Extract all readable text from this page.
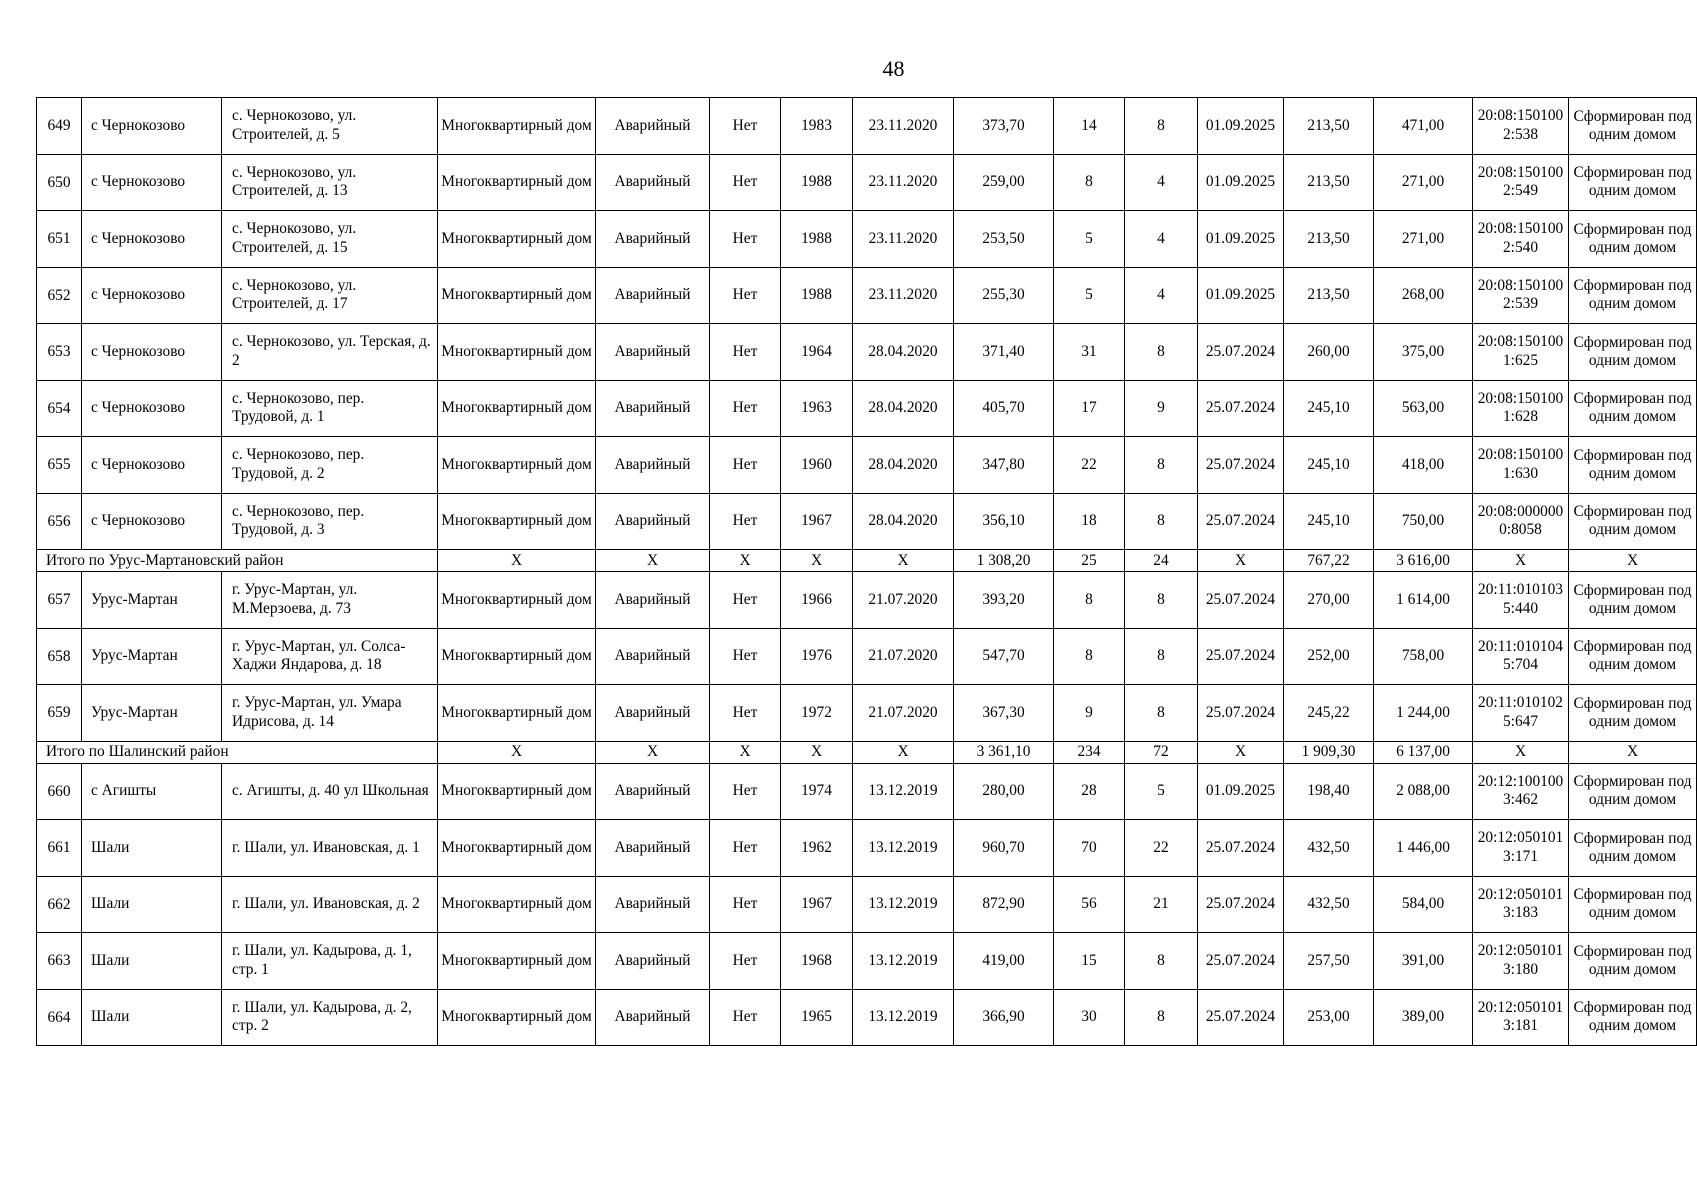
48
649	с Чернокозово	с. Чернокозово, ул. Строителей, д. 5	Многоквартирный дом	Аварийный	Нет	1983	23.11.2020	373,70	14	8	01.09.2025	213,50	471,00	20:08:1501002:538	Сформирован под одним домом
650	с Чернокозово	с. Чернокозово, ул. Строителей, д. 13	Многоквартирный дом	Аварийный	Нет	1988	23.11.2020	259,00	8	4	01.09.2025	213,50	271,00	20:08:1501002:549	Сформирован под одним домом
651	с Чернокозово	с. Чернокозово, ул. Строителей, д. 15	Многоквартирный дом	Аварийный	Нет	1988	23.11.2020	253,50	5	4	01.09.2025	213,50	271,00	20:08:1501002:540	Сформирован под одним домом
652	с Чернокозово	с. Чернокозово, ул. Строителей, д. 17	Многоквартирный дом	Аварийный	Нет	1988	23.11.2020	255,30	5	4	01.09.2025	213,50	268,00	20:08:1501002:539	Сформирован под одним домом
653	с Чернокозово	с. Чернокозово, ул. Терская, д. 2	Многоквартирный дом	Аварийный	Нет	1964	28.04.2020	371,40	31	8	25.07.2024	260,00	375,00	20:08:1501001:625	Сформирован под одним домом
654	с Чернокозово	с. Чернокозово, пер. Трудовой, д. 1	Многоквартирный дом	Аварийный	Нет	1963	28.04.2020	405,70	17	9	25.07.2024	245,10	563,00	20:08:1501001:628	Сформирован под одним домом
655	с Чернокозово	с. Чернокозово, пер. Трудовой, д. 2	Многоквартирный дом	Аварийный	Нет	1960	28.04.2020	347,80	22	8	25.07.2024	245,10	418,00	20:08:1501001:630	Сформирован под одним домом
656	с Чернокозово	с. Чернокозово, пер. Трудовой, д. 3	Многоквартирный дом	Аварийный	Нет	1967	28.04.2020	356,10	18	8	25.07.2024	245,10	750,00	20:08:0000000:8058	Сформирован под одним домом
Итого по Урус-Мартановский район			X	X	X	X	X	1 308,20	25	24	X	767,22	3 616,00	X	X
657	Урус-Мартан	г. Урус-Мартан, ул. М.Мерзоева, д. 73	Многоквартирный дом	Аварийный	Нет	1966	21.07.2020	393,20	8	8	25.07.2024	270,00	1 614,00	20:11:0101035:440	Сформирован под одним домом
658	Урус-Мартан	г. Урус-Мартан, ул. Солса-Хаджи Яндарова, д. 18	Многоквартирный дом	Аварийный	Нет	1976	21.07.2020	547,70	8	8	25.07.2024	252,00	758,00	20:11:0101045:704	Сформирован под одним домом
659	Урус-Мартан	г. Урус-Мартан, ул. Умара Идрисова, д. 14	Многоквартирный дом	Аварийный	Нет	1972	21.07.2020	367,30	9	8	25.07.2024	245,22	1 244,00	20:11:0101025:647	Сформирован под одним домом
Итого по Шалинский район			X	X	X	X	X	3 361,10	234	72	X	1 909,30	6 137,00	X	X
660	с Агишты	с. Агишты, д. 40 ул Школьная	Многоквартирный дом	Аварийный	Нет	1974	13.12.2019	280,00	28	5	01.09.2025	198,40	2 088,00	20:12:1001003:462	Сформирован под одним домом
661	Шали	г. Шали, ул. Ивановская, д. 1	Многоквартирный дом	Аварийный	Нет	1962	13.12.2019	960,70	70	22	25.07.2024	432,50	1 446,00	20:12:0501013:171	Сформирован под одним домом
662	Шали	г. Шали, ул. Ивановская, д. 2	Многоквартирный дом	Аварийный	Нет	1967	13.12.2019	872,90	56	21	25.07.2024	432,50	584,00	20:12:0501013:183	Сформирован под одним домом
663	Шали	г. Шали, ул. Кадырова, д. 1, стр. 1	Многоквартирный дом	Аварийный	Нет	1968	13.12.2019	419,00	15	8	25.07.2024	257,50	391,00	20:12:0501013:180	Сформирован под одним домом
664	Шали	г. Шали, ул. Кадырова, д. 2, стр. 2	Многоквартирный дом	Аварийный	Нет	1965	13.12.2019	366,90	30	8	25.07.2024	253,00	389,00	20:12:0501013:181	Сформирован под одним домом
